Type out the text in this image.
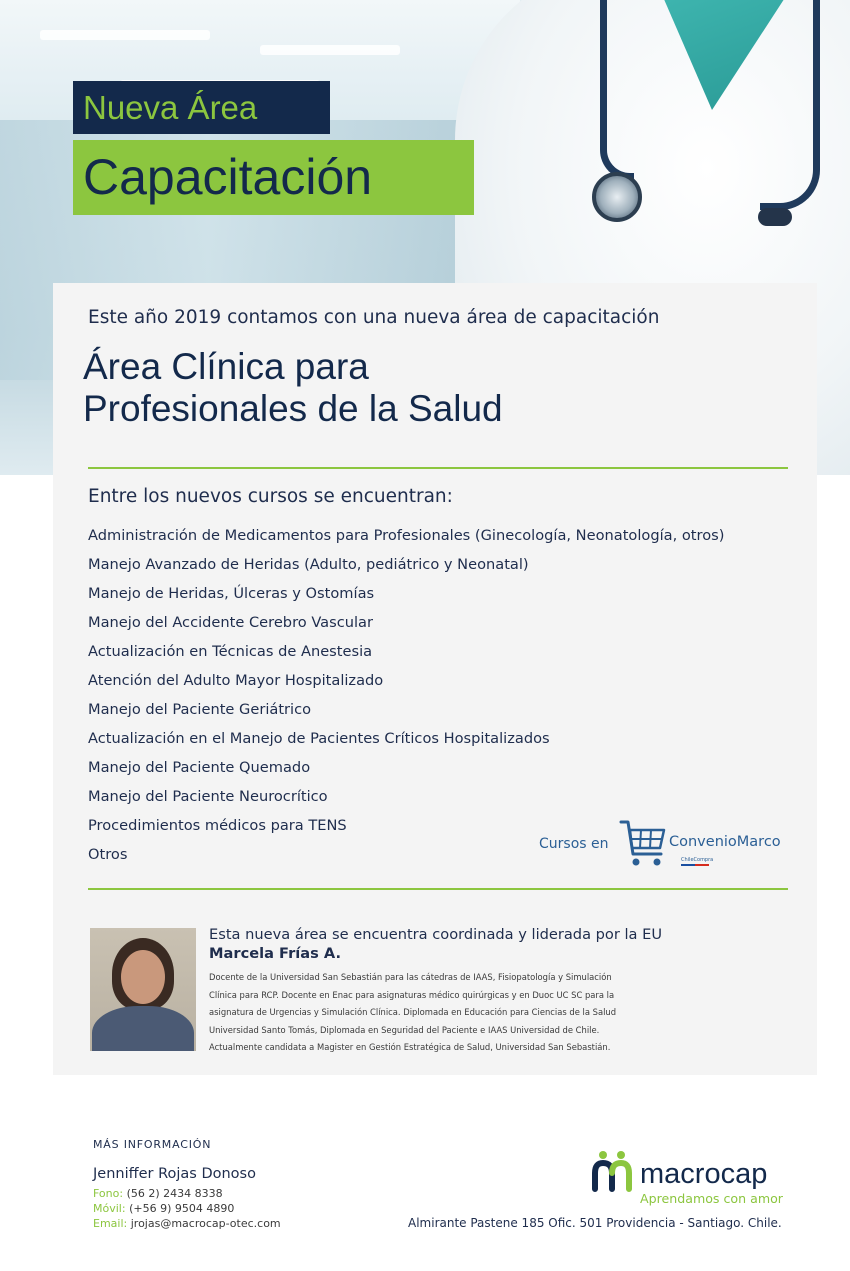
Nueva Área
Capacitación
Este año 2019 contamos con una nueva área de capacitación
Área Clínica para
Profesionales de la Salud
Entre los nuevos cursos se encuentran:
Administración de Medicamentos para Profesionales (Ginecología, Neonatología, otros)
Manejo Avanzado de Heridas (Adulto, pediátrico y Neonatal)
Manejo de Heridas, Úlceras y Ostomías
Manejo del Accidente Cerebro Vascular
Actualización en Técnicas de Anestesia
Atención del Adulto Mayor Hospitalizado
Manejo del Paciente Geriátrico
Actualización en el Manejo de Pacientes Críticos Hospitalizados
Manejo del Paciente Quemado
Manejo del Paciente Neurocrítico
Procedimientos médicos para TENS
Otros
Cursos en	ConvenioMarco
ChileCompra
Esta nueva área se encuentra coordinada y liderada por la EU
Marcela Frías A.
Docente de la Universidad San Sebastián para las cátedras de IAAS, Fisiopatología y Simulación
Clínica para RCP. Docente en Enac para asignaturas médico quirúrgicas y en Duoc UC SC para la
asignatura de Urgencias y Simulación Clínica. Diplomada en Educación para Ciencias de la Salud
Universidad Santo Tomás, Diplomada en Seguridad del Paciente e IAAS Universidad de Chile.
Actualmente candidata a Magister en Gestión Estratégica de Salud, Universidad San Sebastián.
MÁS INFORMACIÓN
Jenniffer Rojas Donoso
Fono: (56 2) 2434 8338
Móvil: (+56 9) 9504 4890
Email: jrojas@macrocap-otec.com
macrocap
Aprendamos con amor
Almirante Pastene 185 Ofic. 501 Providencia - Santiago. Chile.
